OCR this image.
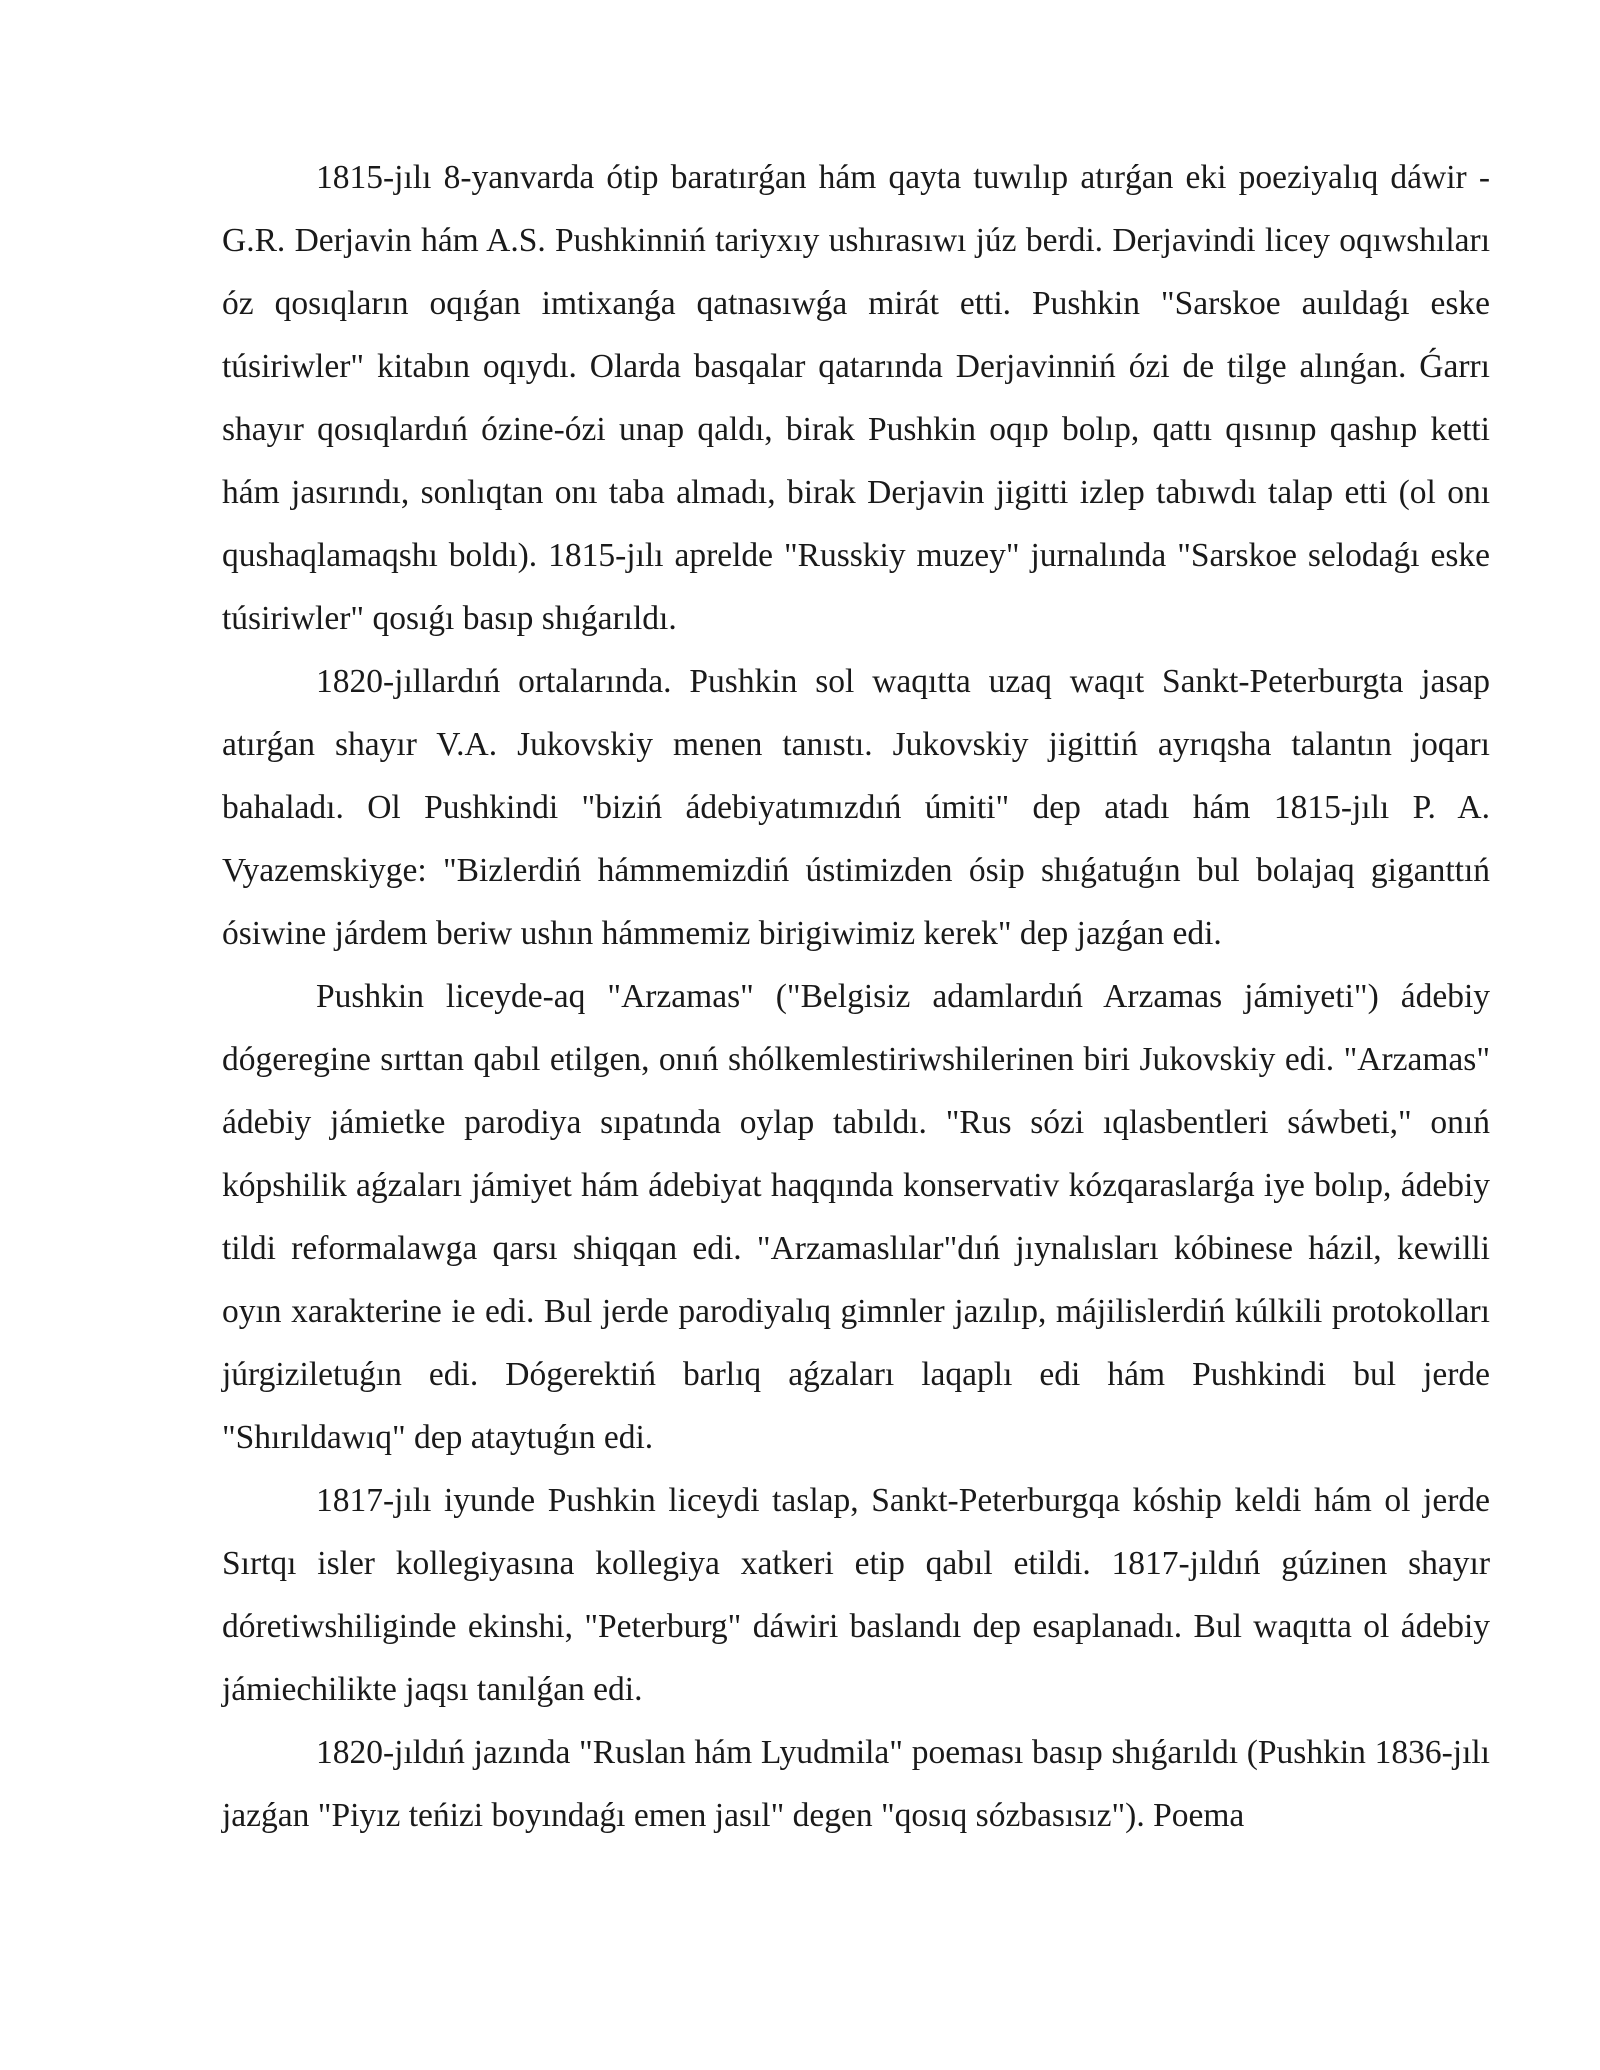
1815-jılı 8-yanvarda ótip baratırǵan hám qayta tuwılıp atırǵan eki poeziyalıq dáwir - G.R. Derjavin hám A.S. Pushkinniń tariyxıy ushırasıwı júz berdi. Derjavindi licey oqıwshıları óz qosıqların oqıǵan imtixanǵa qatnasıwǵa mirát etti. Pushkin "Sarskoe auıldaǵı eske túsiriwler" kitabın oqıydı. Olarda basqalar qatarında Derjavinniń ózi de tilge alınǵan. Ǵarrı shayır qosıqlardıń ózine-ózi unap qaldı, birak Pushkin oqıp bolıp, qattı qısınıp qashıp ketti hám jasırındı, sonlıqtan onı taba almadı, birak Derjavin jigitti izlep tabıwdı talap etti (ol onı qushaqlamaqshı boldı). 1815-jılı aprelde "Russkiy muzey" jurnalında "Sarskoe selodaǵı eske túsiriwler" qosıǵı basıp shıǵarıldı.

1820-jıllardıń ortalarında. Pushkin sol waqıtta uzaq waqıt Sankt-Peterburgta jasap atırǵan shayır V.A. Jukovskiy menen tanıstı. Jukovskiy jigittiń ayrıqsha talantın joqarı bahaladı. Ol Pushkindi "biziń ádebiyatımızdıń úmiti" dep atadı hám 1815-jılı P. A. Vyazemskiyge: "Bizlerdiń hámmemizdiń ústimizden ósip shıǵatuǵın bul bolajaq giganttıń ósiwine járdem beriw ushın hámmemiz birigiwimiz kerek" dep jazǵan edi.

Pushkin liceyde-aq "Arzamas" ("Belgisiz adamlardıń Arzamas jámiyeti") ádebiy dógeregine sırttan qabıl etilgen, onıń shólkemlestiriwshilerinen biri Jukovskiy edi. "Arzamas" ádebiy jámietke parodiya sıpatında oylap tabıldı. "Rus sózi ıqlasbentleri sáwbeti," onıń kópshilik aǵzaları jámiyet hám ádebiyat haqqında konservativ kózqaraslarǵa iye bolıp, ádebiy tildi reformalawga qarsı shiqqan edi. "Arzamaslılar"dıń jıynalısları kóbinese házil, kewilli oyın xarakterine ie edi. Bul jerde parodiyalıq gimnler jazılıp, májilislerdiń kúlkili protokolları júrgiziletuǵın edi. Dógerektiń barlıq aǵzaları laqaplı edi hám Pushkindi bul jerde "Shırıldawıq" dep ataytuǵın edi.

1817-jılı iyunde Pushkin liceydi taslap, Sankt-Peterburgqa kóship keldi hám ol jerde Sırtqı isler kollegiyasına kollegiya xatkeri etip qabıl etildi. 1817-jıldıń gúzinen shayır dóretiwshiliginde ekinshi, "Peterburg" dáwiri baslandı dep esaplanadı. Bul waqıtta ol ádebiy jámiechilikte jaqsı tanılǵan edi.

1820-jıldıń jazında "Ruslan hám Lyudmila" poeması basıp shıǵarıldı (Pushkin 1836-jılı jazǵan "Piyız teńizi boyındaǵı emen jasıl" degen "qosıq sózbasısız"). Poema
